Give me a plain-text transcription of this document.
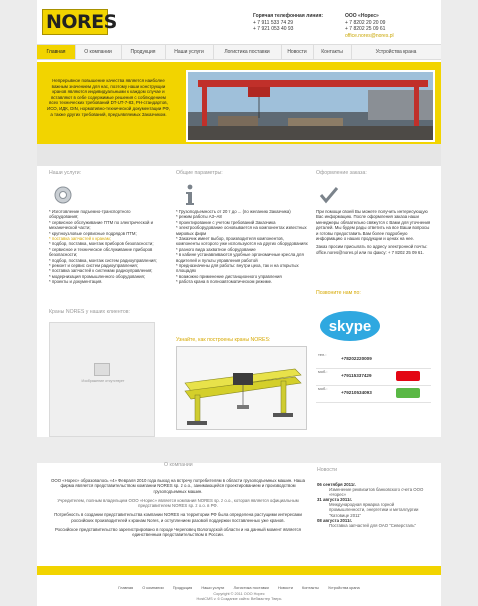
NORES	Горячая телефонная линия:
+ 7 911 533 74 29
+ 7 921 053 40 93
ООО «Норес»
+ 7 8202 20 20 09
+ 7 8202 25 09 61
office.nores@nores.pl
Главная	О компании	Продукция	Наши услуги	Логистика поставки	Новости	Контакты	Устройства крана
Непрерывное повышение качества является наиболее важным значением для нас, поэтому наши конструкции кранов являются индивидуальными к каждом случае и вставляют в себе содержимые решения с соблюдением всех технических требований DT-UT-7-83, РН-стандартов, ИСО, ИДК, DIN, нормативно-технической документации РФ, а также других требований, предъявляемых Заказчиком.
Наши услуги:
* Изготовление подъемно-транспортного оборудования;
* сервисное обслуживание ПТМ по электрической и механической части;
* крупноузловые сервисные подрядов ПТМ;
* поставка запчастей к кранам;
* подбор, поставка, монтаж приборов безопасности;
* сервисное и техническое обслуживание приборов безопасности;
* подбор, поставка, монтаж систем радиоуправления;
* ремонт и сервис систем радиоуправления;
* поставка запчастей к системам радиоуправления;
* модернизация промышленного оборудования;
* проекты и документация.
Краны NORES у наших клиентов:
Изображение отсутствует
Общие параметры:
* Грузоподъемность от 20 т до ... (по желанию Заказчика)
* режим работы А3–А8
* проектирование с учетом требований Заказчика
* электрооборудование основывается на компонентах известных мировых фирм
* Заказчик имеет выбор, производителя компонентов, компоненты которого уже используются на других оборудованиях
* разного вида захватное оборудование
* в кабине устанавливаются удобные эргономичные кресла для водителей и пульты управления работой
* предназначены для работы: внутри цеха, так и на открытых площадях
* возможно применение дистанционного управления
* работа крана в полноавтоматическом режиме.
Узнайте, как построены краны NORES:
Оформление заказа:
При помощи своей Вы можете получить интересующую Вас информацию. После оформления заказа наши менеджеры обязательно свяжутся с Вами для уточнения деталей. Мы будем рады ответить на все Ваши вопросы и готовы предоставить Вам более подробную информацию о наших продукции и ценах на нее.
Заказ просим присылать по адресу электронной почты: office.nores@nores.pl или по факсу: + 7 8202 25 09 61.
Позвоните нам по:
skype
тел.:
+78202220009
моб.:
+79115337429
моб.:
+79210534093
О компании

ООО «Норес» образовалось «4» Февраля 2010 года выход на встречу потребителям в области грузоподъемных машин. Наша фирма является представительством компании NORES sp. z o.o., занимающейся проектированием и производством грузоподъемных машин.

Учредителем, полным владельцем ООО «Норес» является компания NORES sp. z o.o., которая является официальным представителем NORES sp. z o.o. в РФ.

Потребность в создании представительства компании NORES на территории РФ была определена растущими интересами российских производителей к кранам Nores, и оступлением разовой поддержки поставленных уже кранов.

Российское представительство зарегистрировано в городе Череповец Вологодской области и на данный момент является единственным представительством в России.

Новости
06 сентября 2011г.
Изменение реквизитов банковского счета ООО «Норес»
31 августа 2011г.
Международная ярмарка горной промышленности, энергетики и металлургии "Катовице 2011"
08 августа 2011г.
Поставка запчастей для ОАО "Северсталь"
Главная О компании Продукция Наши услуги Логистика поставки Новости Контакты Устройства крана
Copyright © 2011 ООО Норес
HostCMS v. 6 Создание сайта: Вебмастер Тверь
